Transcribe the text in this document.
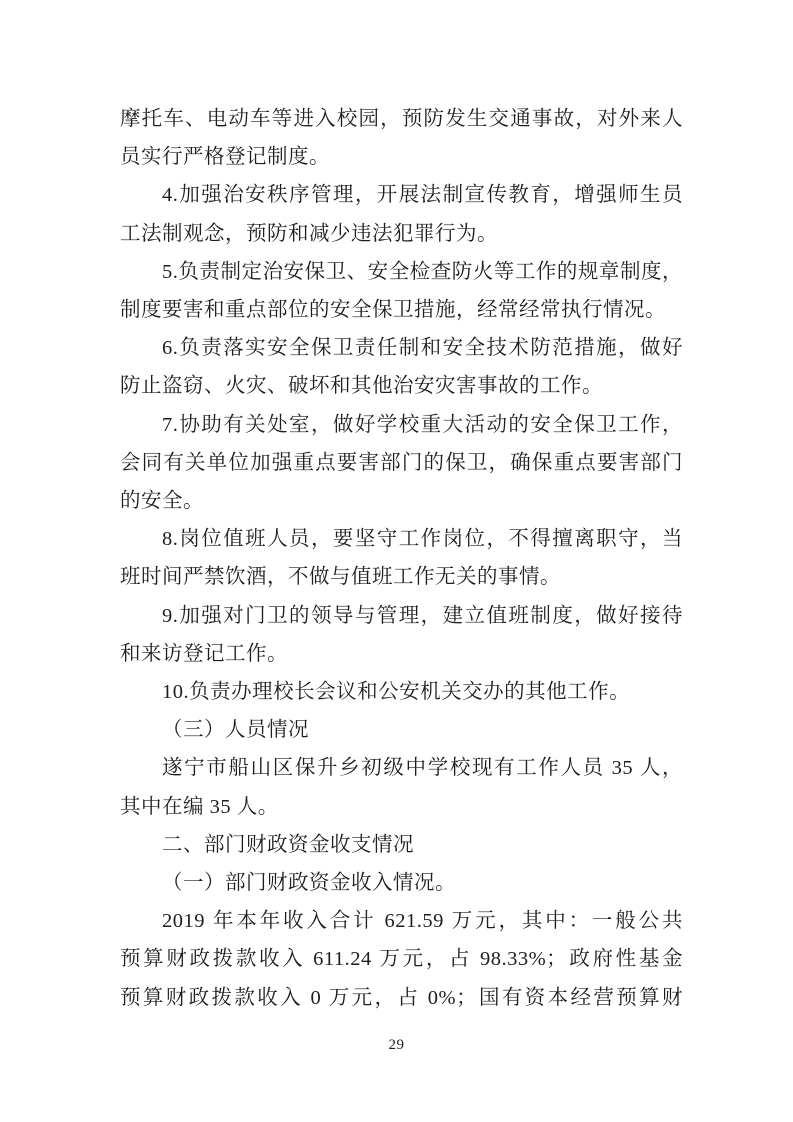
摩托车、电动车等进入校园，预防发生交通事故，对外来人
员实行严格登记制度。

4.加强治安秩序管理，开展法制宣传教育，增强师生员
工法制观念，预防和减少违法犯罪行为。

5.负责制定治安保卫、安全检查防火等工作的规章制度，
制度要害和重点部位的安全保卫措施，经常经常执行情况。

6.负责落实安全保卫责任制和安全技术防范措施，做好
防止盗窃、火灾、破坏和其他治安灾害事故的工作。

7.协助有关处室，做好学校重大活动的安全保卫工作，
会同有关单位加强重点要害部门的保卫，确保重点要害部门
的安全。

8.岗位值班人员，要坚守工作岗位，不得擅离职守，当
班时间严禁饮酒，不做与值班工作无关的事情。

9.加强对门卫的领导与管理，建立值班制度，做好接待
和来访登记工作。

10.负责办理校长会议和公安机关交办的其他工作。

（三）人员情况

遂宁市船山区保升乡初级中学校现有工作人员 35 人，
其中在编 35 人。

二、部门财政资金收支情况

（一）部门财政资金收入情况。

2019 年本年收入合计 621.59 万元，其中：一般公共
预算财政拨款收入 611.24 万元，占 98.33%；政府性基金
预算财政拨款收入 0 万元，占 0%；国有资本经营预算财

29
